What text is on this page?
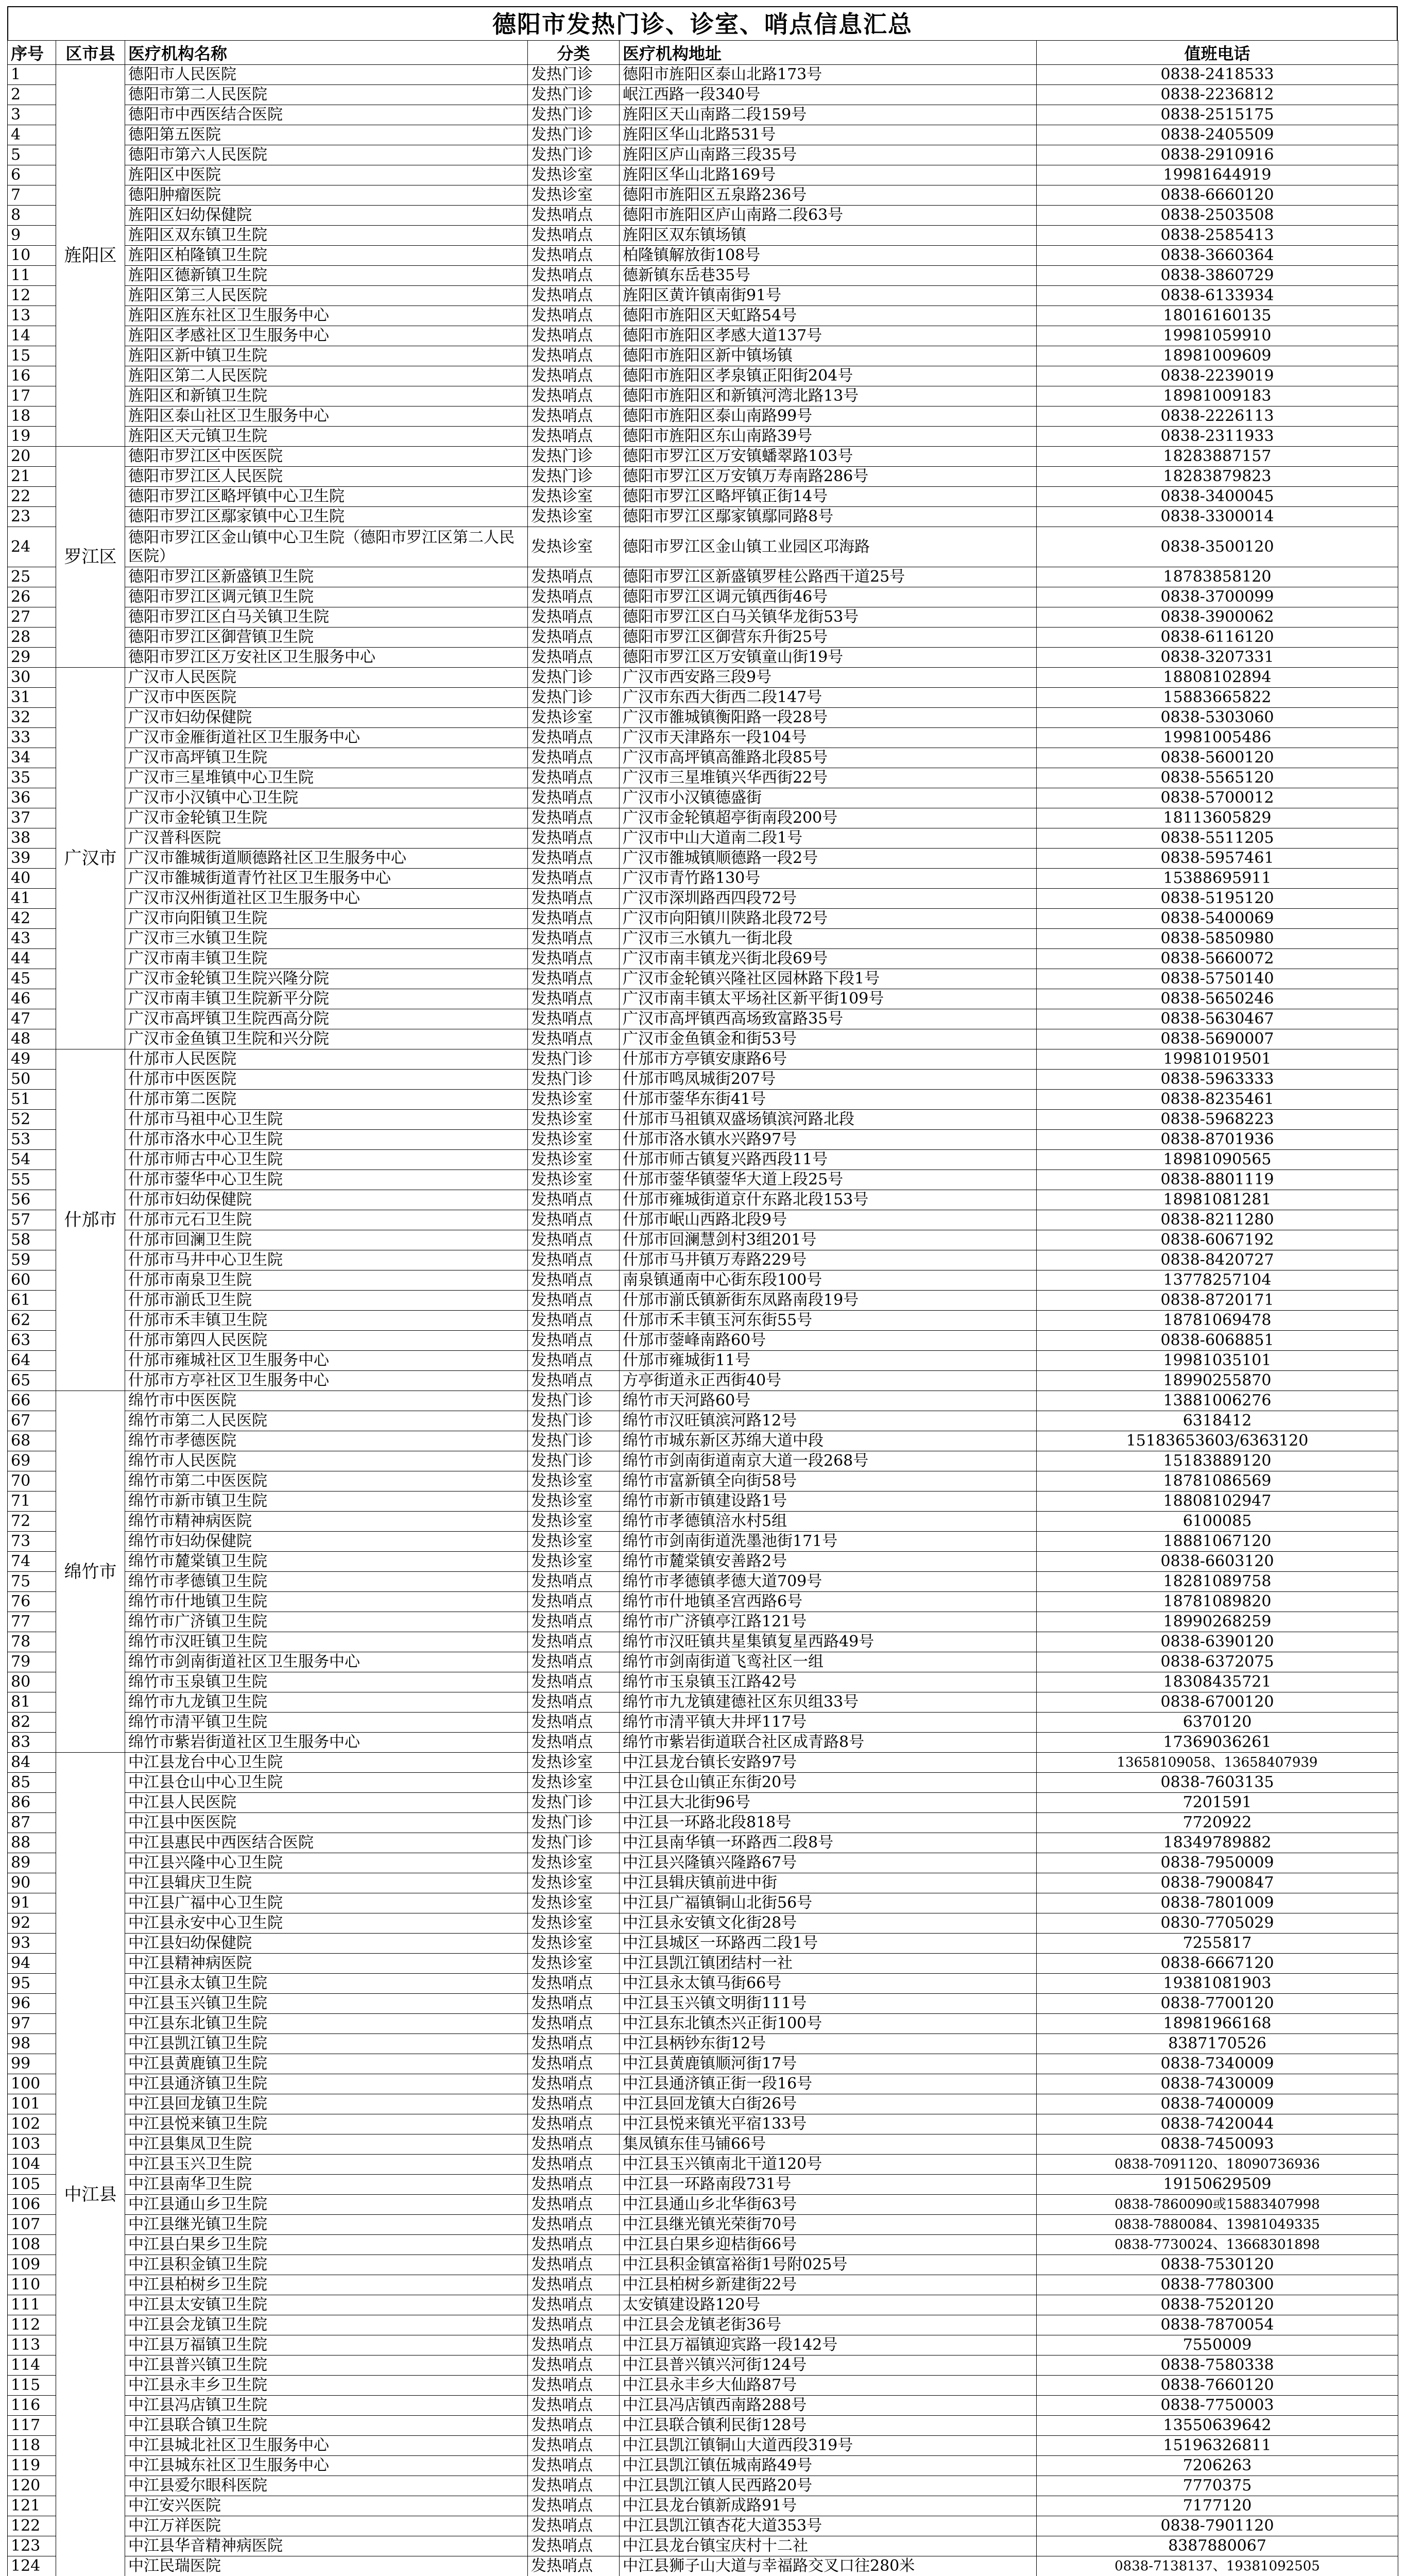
德阳市发热门诊、诊室、哨点信息汇总
序号	区市县	医疗机构名称	分类	医疗机构地址	值班电话
1	旌阳区	德阳市人民医院	发热门诊	德阳市旌阳区泰山北路173号	0838-2418533
2		德阳市第二人民医院	发热门诊	岷江西路一段340号	0838-2236812
3		德阳市中西医结合医院	发热门诊	旌阳区天山南路二段159号	0838-2515175
4		德阳第五医院	发热门诊	旌阳区华山北路531号	0838-2405509
5		德阳市第六人民医院	发热门诊	旌阳区庐山南路三段35号	0838-2910916
6		旌阳区中医院	发热诊室	旌阳区华山北路169号	19981644919
7		德阳肿瘤医院	发热诊室	德阳市旌阳区五泉路236号	0838-6660120
8		旌阳区妇幼保健院	发热哨点	德阳市旌阳区庐山南路二段63号	0838-2503508
9		旌阳区双东镇卫生院	发热哨点	旌阳区双东镇场镇	0838-2585413
10		旌阳区柏隆镇卫生院	发热哨点	柏隆镇解放街108号	0838-3660364
11		旌阳区德新镇卫生院	发热哨点	德新镇东岳巷35号	0838-3860729
12		旌阳区第三人民医院	发热哨点	旌阳区黄许镇南街91号	0838-6133934
13		旌阳区旌东社区卫生服务中心	发热哨点	德阳市旌阳区天虹路54号	18016160135
14		旌阳区孝感社区卫生服务中心	发热哨点	德阳市旌阳区孝感大道137号	19981059910
15		旌阳区新中镇卫生院	发热哨点	德阳市旌阳区新中镇场镇	18981009609
16		旌阳区第二人民医院	发热哨点	德阳市旌阳区孝泉镇正阳街204号	0838-2239019
17		旌阳区和新镇卫生院	发热哨点	德阳市旌阳区和新镇河湾北路13号	18981009183
18		旌阳区泰山社区卫生服务中心	发热哨点	德阳市旌阳区泰山南路99号	0838-2226113
19		旌阳区天元镇卫生院	发热哨点	德阳市旌阳区东山南路39号	0838-2311933
20	罗江区	德阳市罗江区中医医院	发热门诊	德阳市罗江区万安镇蟠翠路103号	18283887157
21		德阳市罗江区人民医院	发热门诊	德阳市罗江区万安镇万寿南路286号	18283879823
22		德阳市罗江区略坪镇中心卫生院	发热诊室	德阳市罗江区略坪镇正街14号	0838-3400045
23		德阳市罗江区鄢家镇中心卫生院	发热诊室	德阳市罗江区鄢家镇鄢同路8号	0838-3300014
24		德阳市罗江区金山镇中心卫生院（德阳市罗江区第二人民医院）	发热诊室	德阳市罗江区金山镇工业园区邛海路	0838-3500120
25		德阳市罗江区新盛镇卫生院	发热哨点	德阳市罗江区新盛镇罗桂公路西干道25号	18783858120
26		德阳市罗江区调元镇卫生院	发热哨点	德阳市罗江区调元镇西街46号	0838-3700099
27		德阳市罗江区白马关镇卫生院	发热哨点	德阳市罗江区白马关镇华龙街53号	0838-3900062
28		德阳市罗江区御营镇卫生院	发热哨点	德阳市罗江区御营东升街25号	0838-6116120
29		德阳市罗江区万安社区卫生服务中心	发热哨点	德阳市罗江区万安镇童山街19号	0838-3207331
30	广汉市	广汉市人民医院	发热门诊	广汉市西安路三段9号	18808102894
31		广汉市中医医院	发热门诊	广汉市东西大街西二段147号	15883665822
32		广汉市妇幼保健院	发热诊室	广汉市雒城镇衡阳路一段28号	0838-5303060
33		广汉市金雁街道社区卫生服务中心	发热哨点	广汉市天津路东一段104号	19981005486
34		广汉市高坪镇卫生院	发热哨点	广汉市高坪镇高雒路北段85号	0838-5600120
35		广汉市三星堆镇中心卫生院	发热哨点	广汉市三星堆镇兴华西街22号	0838-5565120
36		广汉市小汉镇中心卫生院	发热哨点	广汉市小汉镇德盛街	0838-5700012
37		广汉市金轮镇卫生院	发热哨点	广汉市金轮镇超亭街南段200号	18113605829
38		广汉普科医院	发热哨点	广汉市中山大道南二段1号	0838-5511205
39		广汉市雒城街道顺德路社区卫生服务中心	发热哨点	广汉市雒城镇顺德路一段2号	0838-5957461
40		广汉市雒城街道青竹社区卫生服务中心	发热哨点	广汉市青竹路130号	15388695911
41		广汉市汉州街道社区卫生服务中心	发热哨点	广汉市深圳路西四段72号	0838-5195120
42		广汉市向阳镇卫生院	发热哨点	广汉市向阳镇川陕路北段72号	0838-5400069
43		广汉市三水镇卫生院	发热哨点	广汉市三水镇九一街北段	0838-5850980
44		广汉市南丰镇卫生院	发热哨点	广汉市南丰镇龙兴街北段69号	0838-5660072
45		广汉市金轮镇卫生院兴隆分院	发热哨点	广汉市金轮镇兴隆社区园林路下段1号	0838-5750140
46		广汉市南丰镇卫生院新平分院	发热哨点	广汉市南丰镇太平场社区新平街109号	0838-5650246
47		广汉市高坪镇卫生院西高分院	发热哨点	广汉市高坪镇西高场致富路35号	0838-5630467
48		广汉市金鱼镇卫生院和兴分院	发热哨点	广汉市金鱼镇金和街53号	0838-5690007
49	什邡市	什邡市人民医院	发热门诊	什邡市方亭镇安康路6号	19981019501
50		什邡市中医医院	发热门诊	什邡市鸣凤城街207号	0838-5963333
51		什邡市第二医院	发热诊室	什邡市蓥华东街41号	0838-8235461
52		什邡市马祖中心卫生院	发热诊室	什邡市马祖镇双盛场镇滨河路北段	0838-5968223
53		什邡市洛水中心卫生院	发热诊室	什邡市洛水镇水兴路97号	0838-8701936
54		什邡市师古中心卫生院	发热诊室	什邡市师古镇复兴路西段11号	18981090565
55		什邡市蓥华中心卫生院	发热诊室	什邡市蓥华镇蓥华大道上段25号	0838-8801119
56		什邡市妇幼保健院	发热哨点	什邡市雍城街道京什东路北段153号	18981081281
57		什邡市元石卫生院	发热哨点	什邡市岷山西路北段9号	0838-8211280
58		什邡市回澜卫生院	发热哨点	什邡市回澜慧剑村3组201号	0838-6067192
59		什邡市马井中心卫生院	发热哨点	什邡市马井镇万寿路229号	0838-8420727
60		什邡市南泉卫生院	发热哨点	南泉镇通南中心街东段100号	13778257104
61		什邡市湔氐卫生院	发热哨点	什邡市湔氐镇新街东凤路南段19号	0838-8720171
62		什邡市禾丰镇卫生院	发热哨点	什邡市禾丰镇玉河东街55号	18781069478
63		什邡市第四人民医院	发热哨点	什邡市蓥峰南路60号	0838-6068851
64		什邡市雍城社区卫生服务中心	发热哨点	什邡市雍城街11号	19981035101
65		什邡市方亭社区卫生服务中心	发热哨点	方亭街道永正西街40号	18990255870
66	绵竹市	绵竹市中医医院	发热门诊	绵竹市天河路60号	13881006276
67		绵竹市第二人民医院	发热门诊	绵竹市汉旺镇滨河路12号	6318412
68		绵竹市孝德医院	发热门诊	绵竹市城东新区苏绵大道中段	15183653603/6363120
69		绵竹市人民医院	发热门诊	绵竹市剑南街道南京大道一段268号	15183889120
70		绵竹市第二中医医院	发热诊室	绵竹市富新镇全向街58号	18781086569
71		绵竹市新市镇卫生院	发热诊室	绵竹市新市镇建设路1号	18808102947
72		绵竹市精神病医院	发热诊室	绵竹市孝德镇涪水村5组	6100085
73		绵竹市妇幼保健院	发热诊室	绵竹市剑南街道洗墨池街171号	18881067120
74		绵竹市麓棠镇卫生院	发热诊室	绵竹市麓棠镇安善路2号	0838-6603120
75		绵竹市孝德镇卫生院	发热哨点	绵竹市孝德镇孝德大道709号	18281089758
76		绵竹市什地镇卫生院	发热哨点	绵竹市什地镇圣宫西路6号	18781089820
77		绵竹市广济镇卫生院	发热哨点	绵竹市广济镇亭江路121号	18990268259
78		绵竹市汉旺镇卫生院	发热哨点	绵竹市汉旺镇共星集镇复星西路49号	0838-6390120
79		绵竹市剑南街道社区卫生服务中心	发热哨点	绵竹市剑南街道飞鸾社区一组	0838-6372075
80		绵竹市玉泉镇卫生院	发热哨点	绵竹市玉泉镇玉江路42号	18308435721
81		绵竹市九龙镇卫生院	发热哨点	绵竹市九龙镇建德社区东贝组33号	0838-6700120
82		绵竹市清平镇卫生院	发热哨点	绵竹市清平镇大井坪117号	6370120
83		绵竹市紫岩街道社区卫生服务中心	发热哨点	绵竹市紫岩街道联合社区成青路8号	17369036261
84	中江县	中江县龙台中心卫生院	发热诊室	中江县龙台镇长安路97号	13658109058、13658407939
85		中江县仓山中心卫生院	发热诊室	中江县仓山镇正东街20号	0838-7603135
86		中江县人民医院	发热门诊	中江县大北街96号	7201591
87		中江县中医医院	发热门诊	中江县一环路北段818号	7720922
88		中江县惠民中西医结合医院	发热门诊	中江县南华镇一环路西二段8号	18349789882
89		中江县兴隆中心卫生院	发热诊室	中江县兴隆镇兴隆路67号	0838-7950009
90		中江县辑庆卫生院	发热诊室	中江县辑庆镇前进中街	0838-7900847
91		中江县广福中心卫生院	发热诊室	中江县广福镇铜山北街56号	0838-7801009
92		中江县永安中心卫生院	发热诊室	中江县永安镇文化街28号	0830-7705029
93		中江县妇幼保健院	发热诊室	中江县城区一环路西二段1号	7255817
94		中江县精神病医院	发热诊室	中江县凯江镇团结村一社	0838-6667120
95		中江县永太镇卫生院	发热哨点	中江县永太镇马街66号	19381081903
96		中江县玉兴镇卫生院	发热哨点	中江县玉兴镇文明街111号	0838-7700120
97		中江县东北镇卫生院	发热哨点	中江县东北镇杰兴正街100号	18981966168
98		中江县凯江镇卫生院	发热哨点	中江县柄钞东街12号	8387170526
99		中江县黄鹿镇卫生院	发热哨点	中江县黄鹿镇顺河街17号	0838-7340009
100		中江县通济镇卫生院	发热哨点	中江县通济镇正街一段16号	0838-7430009
101		中江县回龙镇卫生院	发热哨点	中江县回龙镇大白街26号	0838-7400009
102		中江县悦来镇卫生院	发热哨点	中江县悦来镇光平宿133号	0838-7420044
103		中江县集凤卫生院	发热哨点	集凤镇东佳马铺66号	0838-7450093
104		中江县玉兴卫生院	发热哨点	中江县玉兴镇南北干道120号	0838-7091120、18090736936
105		中江县南华卫生院	发热哨点	中江县一环路南段731号	19150629509
106		中江县通山乡卫生院	发热哨点	中江县通山乡北华街63号	0838-7860090或15883407998
107		中江县继光镇卫生院	发热哨点	中江县继光镇光荣街70号	0838-7880084、13981049335
108		中江县白果乡卫生院	发热哨点	中江县白果乡迎桔街66号	0838-7730024、13668301898
109		中江县积金镇卫生院	发热哨点	中江县积金镇富裕街1号附025号	0838-7530120
110		中江县柏树乡卫生院	发热哨点	中江县柏树乡新建街22号	0838-7780300
111		中江县太安镇卫生院	发热哨点	太安镇建设路120号	0838-7520120
112		中江县会龙镇卫生院	发热哨点	中江县会龙镇老街36号	0838-7870054
113		中江县万福镇卫生院	发热哨点	中江县万福镇迎宾路一段142号	7550009
114		中江县普兴镇卫生院	发热哨点	中江县普兴镇兴河街124号	0838-7580338
115		中江县永丰乡卫生院	发热哨点	中江县永丰乡大仙路87号	0838-7660120
116		中江县冯店镇卫生院	发热哨点	中江县冯店镇西南路288号	0838-7750003
117		中江县联合镇卫生院	发热哨点	中江县联合镇利民街128号	13550639642
118		中江县城北社区卫生服务中心	发热哨点	中江县凯江镇铜山大道西段319号	15196326811
119		中江县城东社区卫生服务中心	发热哨点	中江县凯江镇伍城南路49号	7206263
120		中江县爱尔眼科医院	发热哨点	中江县凯江镇人民西路20号	7770375
121		中江安兴医院	发热哨点	中江县龙台镇新成路91号	7177120
122		中江万祥医院	发热哨点	中江县凯江镇杏花大道353号	0838-7901120
123		中江县华音精神病医院	发热哨点	中江县龙台镇宝庆村十二社	8387880067
124		中江民瑞医院	发热哨点	中江县狮子山大道与幸福路交叉口往280米	0838-7138137、19381092505
